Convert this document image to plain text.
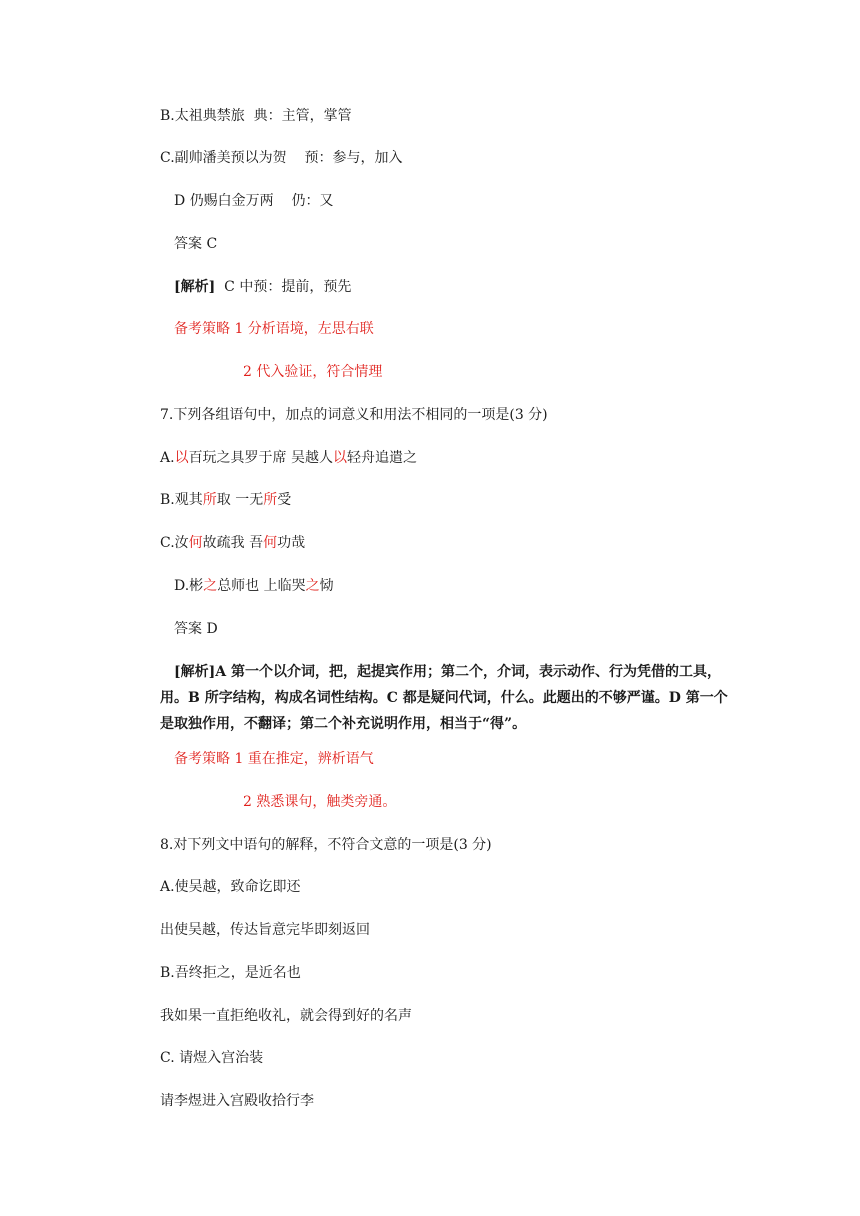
B.太祖典禁旅 典：主管，掌管
C.副帅潘美预以为贺 预：参与，加入
D 仍赐白金万两 仍：又
答案 C
[解析] C 中预：提前，预先
备考策略 1 分析语境，左思右联
2 代入验证，符合情理
7.下列各组语句中，加点的词意义和用法不相同的一项是(3 分)
A.以百玩之具罗于席 吴越人以轻舟追遣之
B.观其所取 一无所受
C.汝何故疏我 吾何功哉
D.彬之总师也 上临哭之恸
答案 D
[解析]A 第一个以介词，把，起提宾作用；第二个，介词，表示动作、行为凭借的工具，用。B 所字结构，构成名词性结构。C 都是疑问代词，什么。此题出的不够严谨。D 第一个是取独作用，不翻译；第二个补充说明作用，相当于“得”。
备考策略 1 重在推定，辨析语气
2 熟悉课句，触类旁通。
8.对下列文中语句的解释，不符合文意的一项是(3 分)
A.使吴越，致命讫即还
出使吴越，传达旨意完毕即刻返回
B.吾终拒之，是近名也
我如果一直拒绝收礼，就会得到好的名声
C. 请煜入宫治装
请李煜进入宫殿收拾行李
